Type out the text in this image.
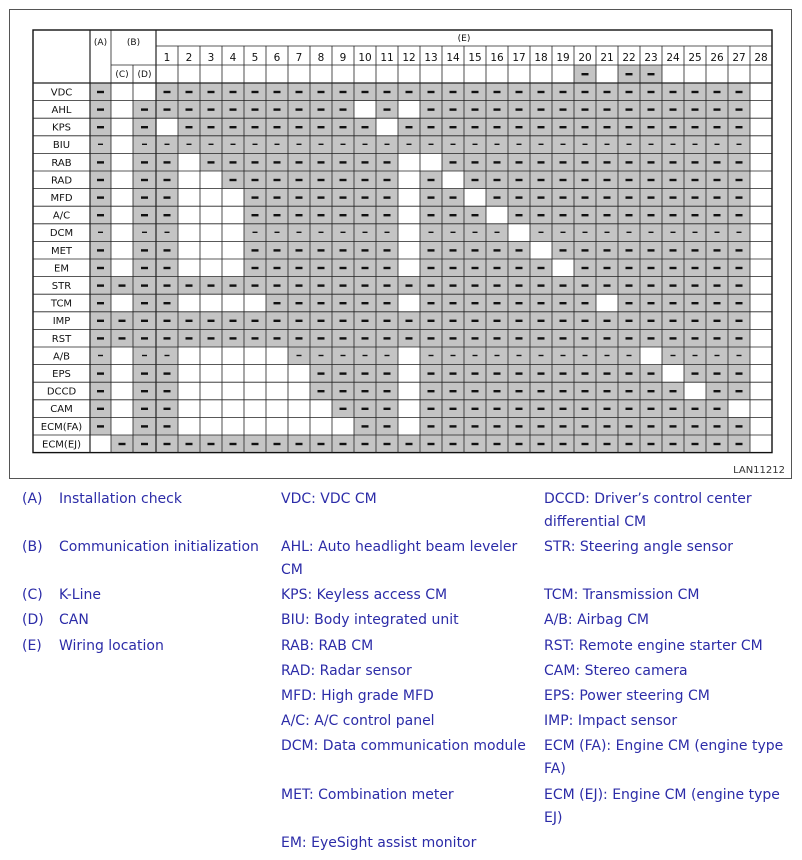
(A) (B)
(C) (D)
(E)
1 2 3 4 5 6 7 8 9 10 11 12 13 14 15 16 17 18 19 20 21 22 23 24 25 26 27 28
VDC
AHL
KPS
BIU
RAB
RAD
MFD
A/C
DCM
MET
EM
STR
TCM
IMP
RST
A/B
EPS
DCCD
CAM
ECM(FA)
ECM(EJ)
LAN11212
(A) Installation check
(B) Communication initialization
(C) K-Line
(D) CAN
(E) Wiring location
VDC: VDC CM
AHL: Auto headlight beam leveler CM
KPS: Keyless access CM
BIU: Body integrated unit
RAB: RAB CM
RAD: Radar sensor
MFD: High grade MFD
A/C: A/C control panel
DCM: Data communication module
MET: Combination meter
EM: EyeSight assist monitor
DCCD: Driver’s control center differential CM
STR: Steering angle sensor
TCM: Transmission CM
A/B: Airbag CM
RST: Remote engine starter CM
CAM: Stereo camera
EPS: Power steering CM
IMP: Impact sensor
ECM (FA): Engine CM (engine type FA)
ECM (EJ): Engine CM (engine type EJ)
